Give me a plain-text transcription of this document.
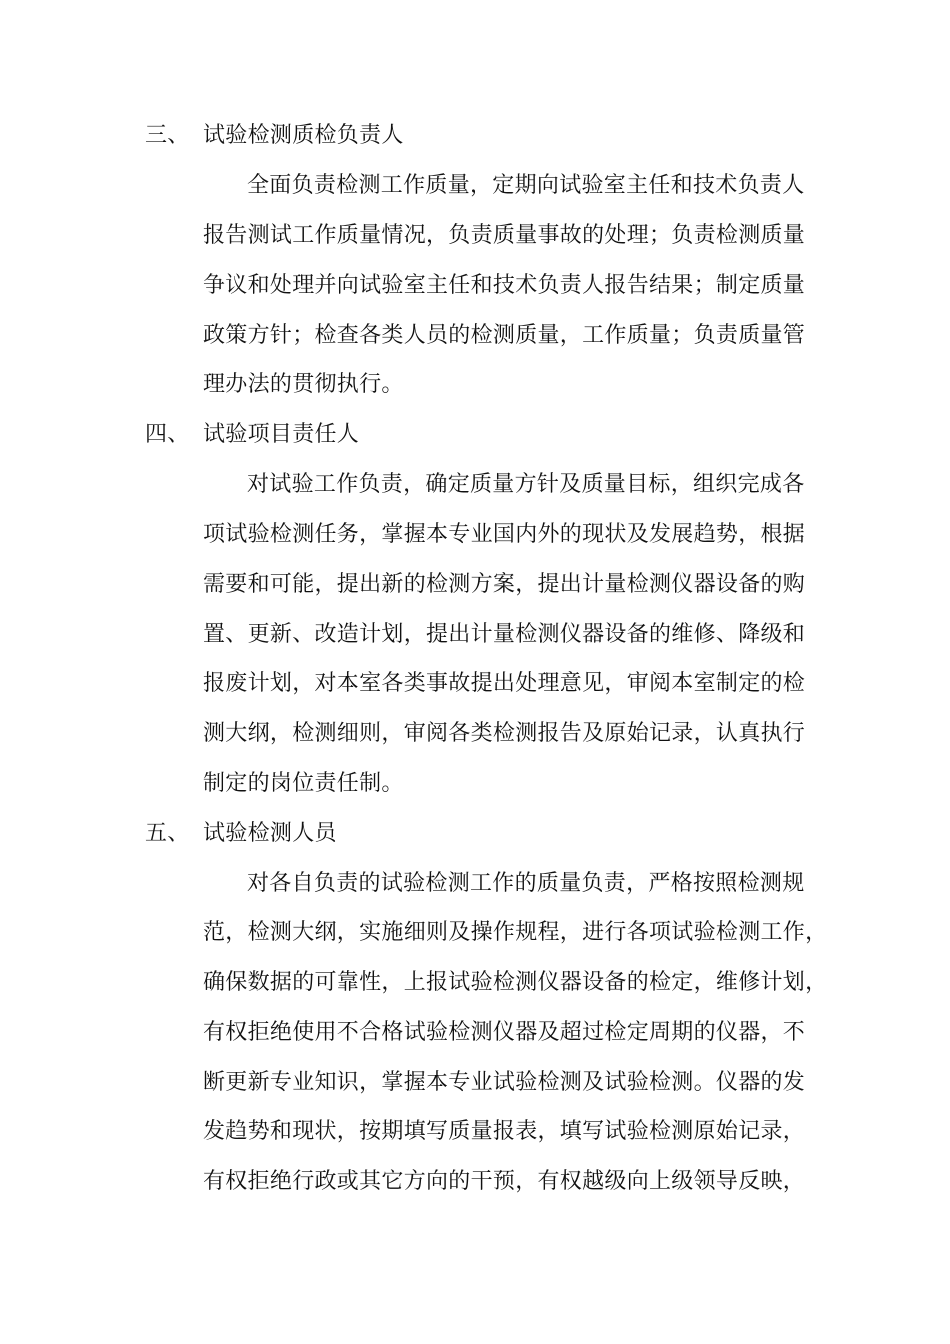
三、 试验检测质检负责人
全面负责检测工作质量，定期向试验室主任和技术负责人
报告测试工作质量情况，负责质量事故的处理；负责检测质量
争议和处理并向试验室主任和技术负责人报告结果；制定质量
政策方针；检查各类人员的检测质量，工作质量；负责质量管
理办法的贯彻执行。
四、 试验项目责任人
对试验工作负责，确定质量方针及质量目标，组织完成各
项试验检测任务，掌握本专业国内外的现状及发展趋势，根据
需要和可能，提出新的检测方案，提出计量检测仪器设备的购
置、更新、改造计划，提出计量检测仪器设备的维修、降级和
报废计划，对本室各类事故提出处理意见，审阅本室制定的检
测大纲，检测细则，审阅各类检测报告及原始记录，认真执行
制定的岗位责任制。
五、 试验检测人员
对各自负责的试验检测工作的质量负责，严格按照检测规
范，检测大纲，实施细则及操作规程，进行各项试验检测工作，
确保数据的可靠性，上报试验检测仪器设备的检定，维修计划，
有权拒绝使用不合格试验检测仪器及超过检定周期的仪器，不
断更新专业知识，掌握本专业试验检测及试验检测。仪器的发
发趋势和现状，按期填写质量报表，填写试验检测原始记录，
有权拒绝行政或其它方向的干预，有权越级向上级领导反映，
